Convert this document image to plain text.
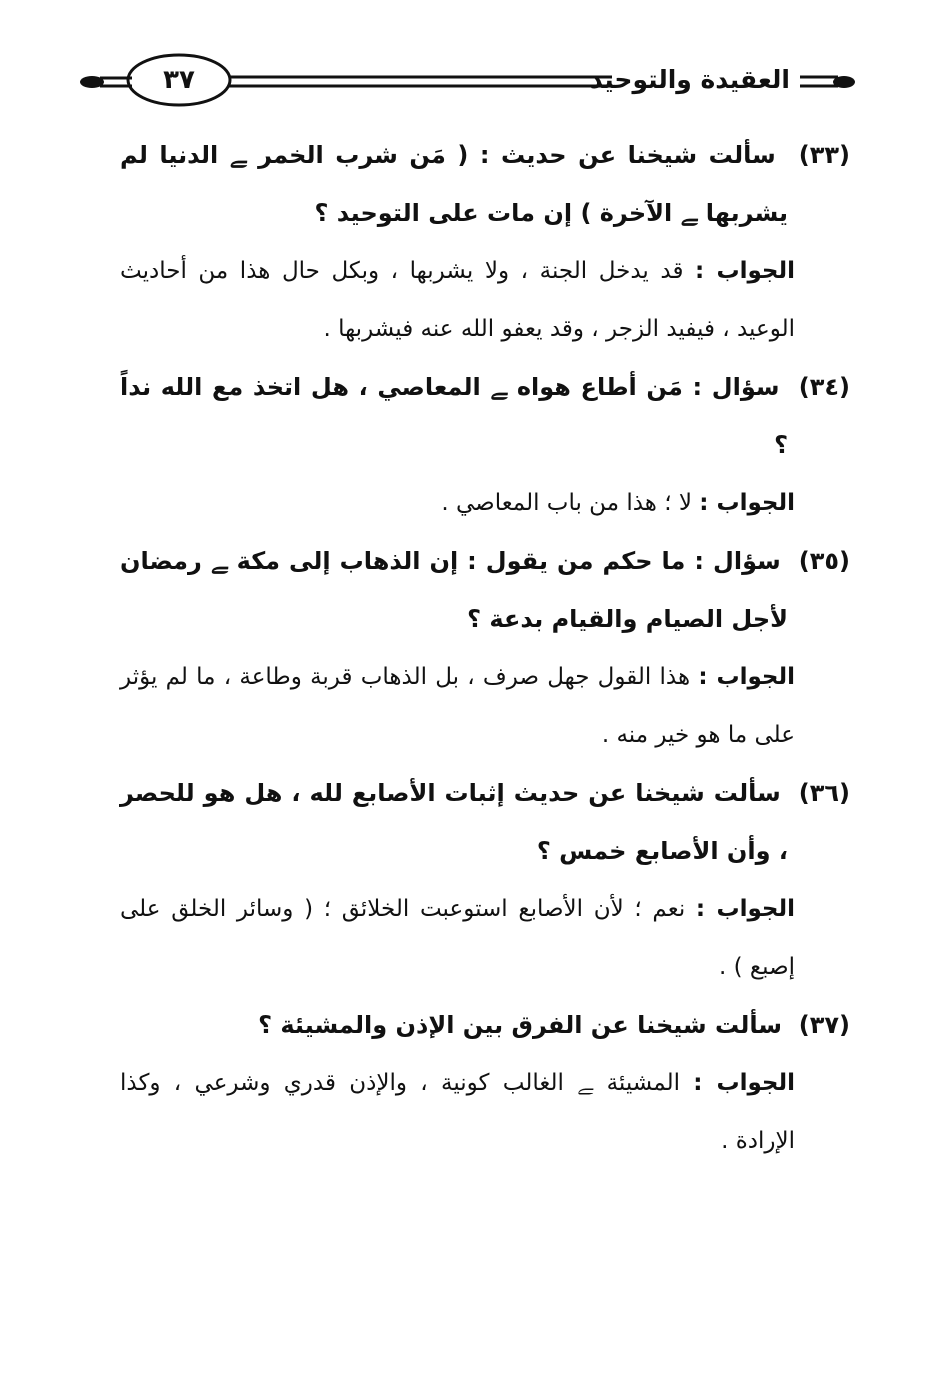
العقيدة والتوحيد
٣٧

(٣٣)  سألت شيخنا عن حديث : ( مَن شرب الخمر ﮯ الدنيا لم يشربها ﮯ الآخرة ) إن مات على التوحيد ؟

الجواب : قد يدخل الجنة ، ولا يشربها ، وبكل حال هذا من أحاديث الوعيد ، فيفيد الزجر ، وقد يعفو الله عنه فيشربها .

(٣٤)  سؤال : مَن أطاع هواه ﮯ المعاصي ، هل اتخذ مع الله نداً ؟

الجواب : لا ؛ هذا من باب المعاصي .

(٣٥)  سؤال : ما حكم من يقول : إن الذهاب إلى مكة ﮯ رمضان لأجل الصيام والقيام بدعة ؟

الجواب : هذا القول جهل صرف ، بل الذهاب قربة وطاعة ، ما لم يؤثر على ما هو خير منه .

(٣٦)  سألت شيخنا عن حديث إثبات الأصابع لله ، هل هو للحصر ، وأن الأصابع خمس ؟

الجواب : نعم ؛ لأن الأصابع استوعبت الخلائق ؛ ( وسائر الخلق على إصبع ) .

(٣٧)  سألت شيخنا عن الفرق بين الإذن والمشيئة ؟

الجواب : المشيئة ﮯ الغالب كونية ، والإذن قدري وشرعي ، وكذا الإرادة .
